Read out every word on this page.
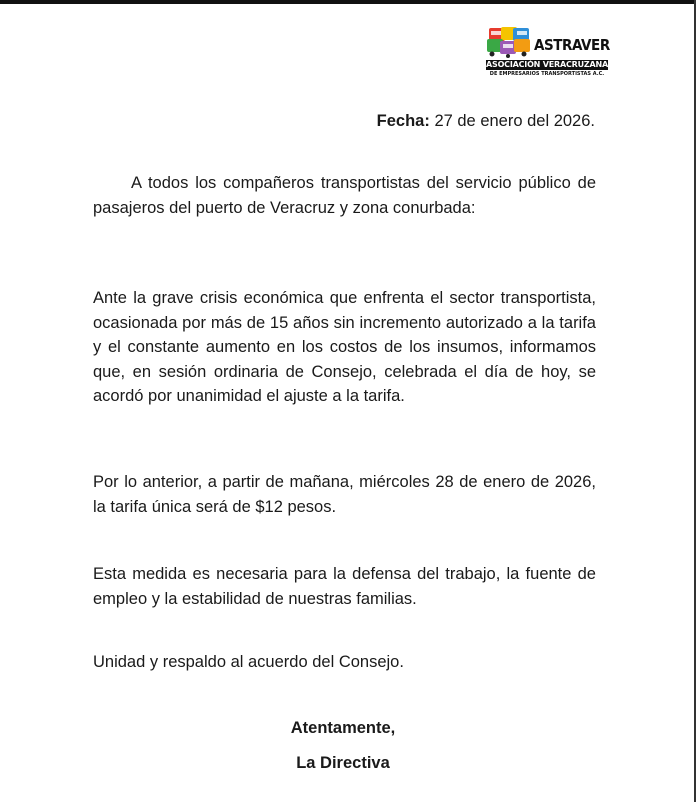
ASTRAVER
ASOCIACIÓN VERACRUZANA
DE EMPRESARIOS TRANSPORTISTAS A.C.
Fecha: 27 de enero del 2026.

A todos los compañeros transportistas del servicio público de pasajeros del puerto de Veracruz y zona conurbada:

Ante la grave crisis económica que enfrenta el sector transportista, ocasionada por más de 15 años sin incremento autorizado a la tarifa y el constante aumento en los costos de los insumos, informamos que, en sesión ordinaria de Consejo, celebrada el día de hoy, se acordó por unanimidad el ajuste a la tarifa.

Por lo anterior, a partir de mañana, miércoles 28 de enero de 2026, la tarifa única será de $12 pesos.

Esta medida es necesaria para la defensa del trabajo, la fuente de empleo y la estabilidad de nuestras familias.

Unidad y respaldo al acuerdo del Consejo.

Atentamente,
La Directiva
